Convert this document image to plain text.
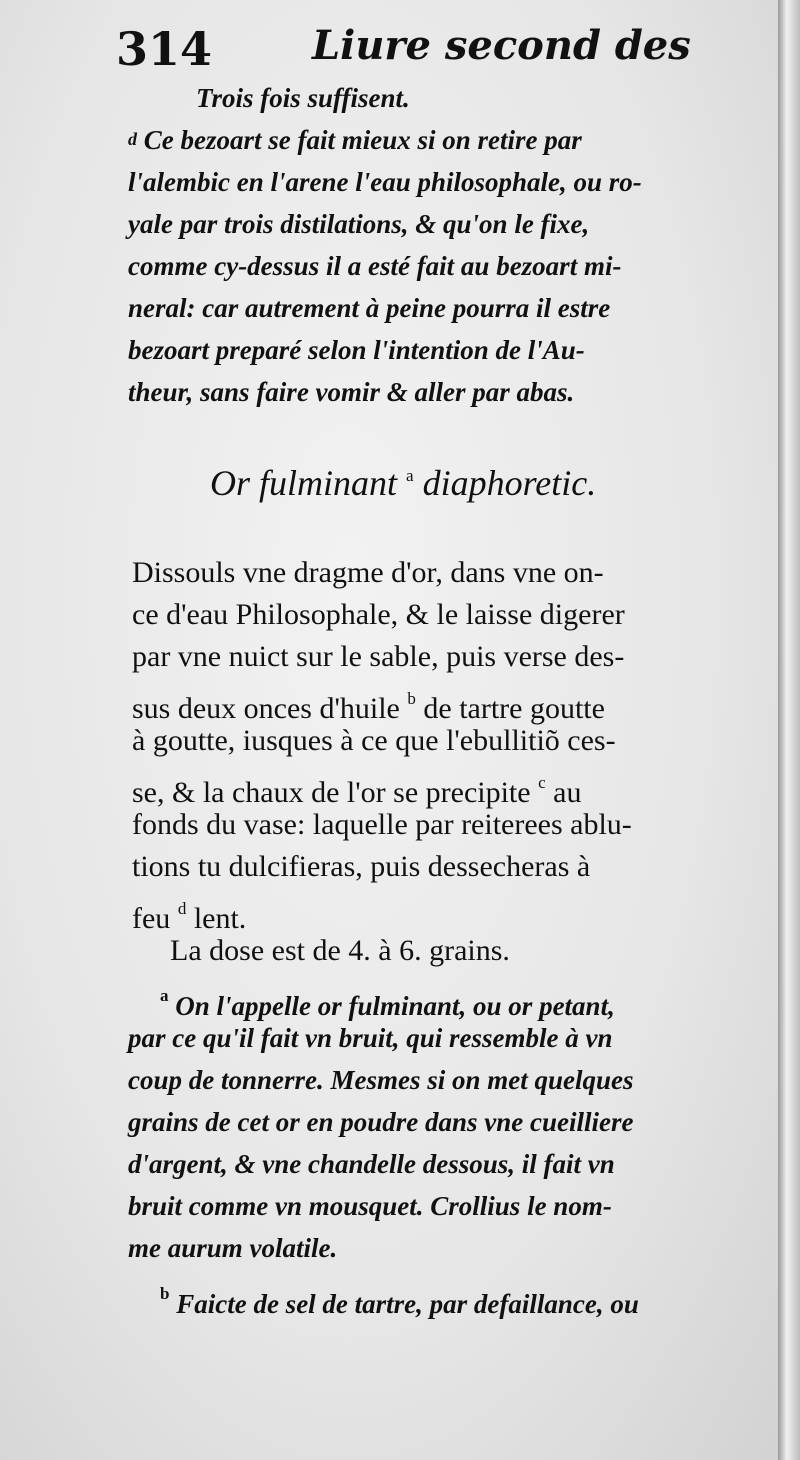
314 Liure second des
Trois fois suffisent.
d Ce bezoart se fait mieux si on retire par
l'alembic en l'arene l'eau philosophale, ou ro-
yale par trois distilations, & qu'on le fixe,
comme cy-dessus il a esté fait au bezoart mi-
neral: car autrement à peine pourra il estre
bezoart preparé selon l'intention de l'Au-
theur, sans faire vomir & aller par abas.
Or fulminant $^a$ diaphoretic.
Dissouls vne dragme d'or, dans vne on-
ce d'eau Philosophale, & le laisse digerer
par vne nuict sur le sable, puis verse des-
sus deux onces d'huile $^b$ de tartre goutte
à goutte, iusques à ce que l'ebullitiõ ces-
se, & la chaux de l'or se precipite $^c$ au
fonds du vase: laquelle par reiterees ablu-
tions tu dulcifieras, puis dessecheras à
feu $^d$ lent.
La dose est de 4. à 6. grains.
$^a$ On l'appelle or fulminant, ou or petant,
par ce qu'il fait vn bruit, qui ressemble à vn
coup de tonnerre. Mesmes si on met quelques
grains de cet or en poudre dans vne cueilliere
d'argent, & vne chandelle dessous, il fait vn
bruit comme vn mousquet. Crollius le nom-
me aurum volatile.
$^b$ Faicte de sel de tartre, par defaillance, ou
